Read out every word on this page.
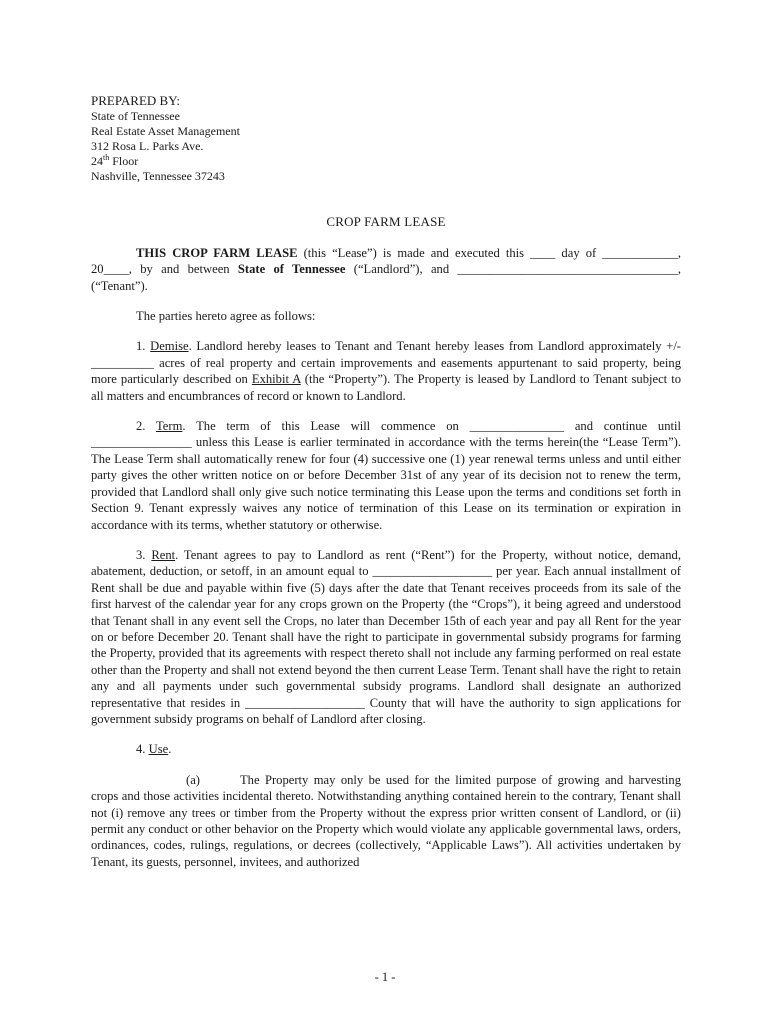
PREPARED BY:

State of Tennessee

Real Estate Asset Management

312 Rosa L. Parks Ave.

24th Floor

Nashville, Tennessee 37243

CROP FARM LEASE

THIS CROP FARM LEASE (this “Lease”) is made and executed this ____ day of ____________, 20____, by and between State of Tennessee (“Landlord”), and ___________________________________, (“Tenant”).

The parties hereto agree as follows:

1. Demise. Landlord hereby leases to Tenant and Tenant hereby leases from Landlord approximately +/- __________ acres of real property and certain improvements and easements appurtenant to said property, being more particularly described on Exhibit A (the “Property”). The Property is leased by Landlord to Tenant subject to all matters and encumbrances of record or known to Landlord.

2. Term. The term of this Lease will commence on _______________ and continue until ________________ unless this Lease is earlier terminated in accordance with the terms herein(the “Lease Term”). The Lease Term shall automatically renew for four (4) successive one (1) year renewal terms unless and until either party gives the other written notice on or before December 31st of any year of its decision not to renew the term, provided that Landlord shall only give such notice terminating this Lease upon the terms and conditions set forth in Section 9. Tenant expressly waives any notice of termination of this Lease on its termination or expiration in accordance with its terms, whether statutory or otherwise.

3. Rent. Tenant agrees to pay to Landlord as rent (“Rent”) for the Property, without notice, demand, abatement, deduction, or setoff, in an amount equal to ___________________ per year. Each annual installment of Rent shall be due and payable within five (5) days after the date that Tenant receives proceeds from its sale of the first harvest of the calendar year for any crops grown on the Property (the “Crops”), it being agreed and understood that Tenant shall in any event sell the Crops, no later than December 15th of each year and pay all Rent for the year on or before December 20. Tenant shall have the right to participate in governmental subsidy programs for farming the Property, provided that its agreements with respect thereto shall not include any farming performed on real estate other than the Property and shall not extend beyond the then current Lease Term. Tenant shall have the right to retain any and all payments under such governmental subsidy programs. Landlord shall designate an authorized representative that resides in ___________________ County that will have the authority to sign applications for government subsidy programs on behalf of Landlord after closing.

4. Use.

(a)	The Property may only be used for the limited purpose of growing and harvesting crops and those activities incidental thereto. Notwithstanding anything contained herein to the contrary, Tenant shall not (i) remove any trees or timber from the Property without the express prior written consent of Landlord, or (ii) permit any conduct or other behavior on the Property which would violate any applicable governmental laws, orders, ordinances, codes, rulings, regulations, or decrees (collectively, “Applicable Laws”). All activities undertaken by Tenant, its guests, personnel, invitees, and authorized

- 1 -
